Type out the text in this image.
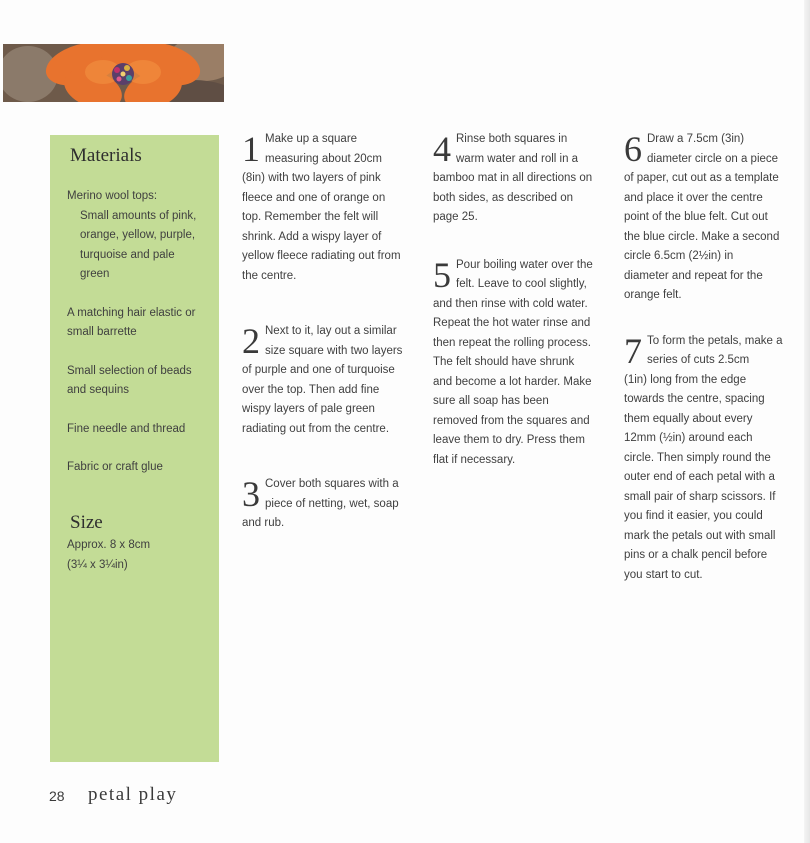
Materials
Merino wool tops:
Small amounts of pink,
orange, yellow, purple,
turquoise and pale
green
A matching hair elastic or
small barrette
Small selection of beads
and sequins
Fine needle and thread
Fabric or craft glue
Size
Approx. 8 x 8cm
(3¼ x 3¼in)
1 Make up a square
measuring about 20cm
(8in) with two layers of pink
fleece and one of orange on
top. Remember the felt will
shrink. Add a wispy layer of
yellow fleece radiating out from
the centre.
2 Next to it, lay out a similar
size square with two layers
of purple and one of turquoise
over the top. Then add fine
wispy layers of pale green
radiating out from the centre.
3 Cover both squares with a
piece of netting, wet, soap
and rub.
4 Rinse both squares in
warm water and roll in a
bamboo mat in all directions on
both sides, as described on
page 25.
5 Pour boiling water over the
felt. Leave to cool slightly,
and then rinse with cold water.
Repeat the hot water rinse and
then repeat the rolling process.
The felt should have shrunk
and become a lot harder. Make
sure all soap has been
removed from the squares and
leave them to dry. Press them
flat if necessary.
6 Draw a 7.5cm (3in)
diameter circle on a piece
of paper, cut out as a template
and place it over the centre
point of the blue felt. Cut out
the blue circle. Make a second
circle 6.5cm (2½in) in
diameter and repeat for the
orange felt.
7 To form the petals, make a
series of cuts 2.5cm
(1in) long from the edge
towards the centre, spacing
them equally about every
12mm (½in) around each
circle. Then simply round the
outer end of each petal with a
small pair of sharp scissors. If
you find it easier, you could
mark the petals out with small
pins or a chalk pencil before
you start to cut.
28 petal play
